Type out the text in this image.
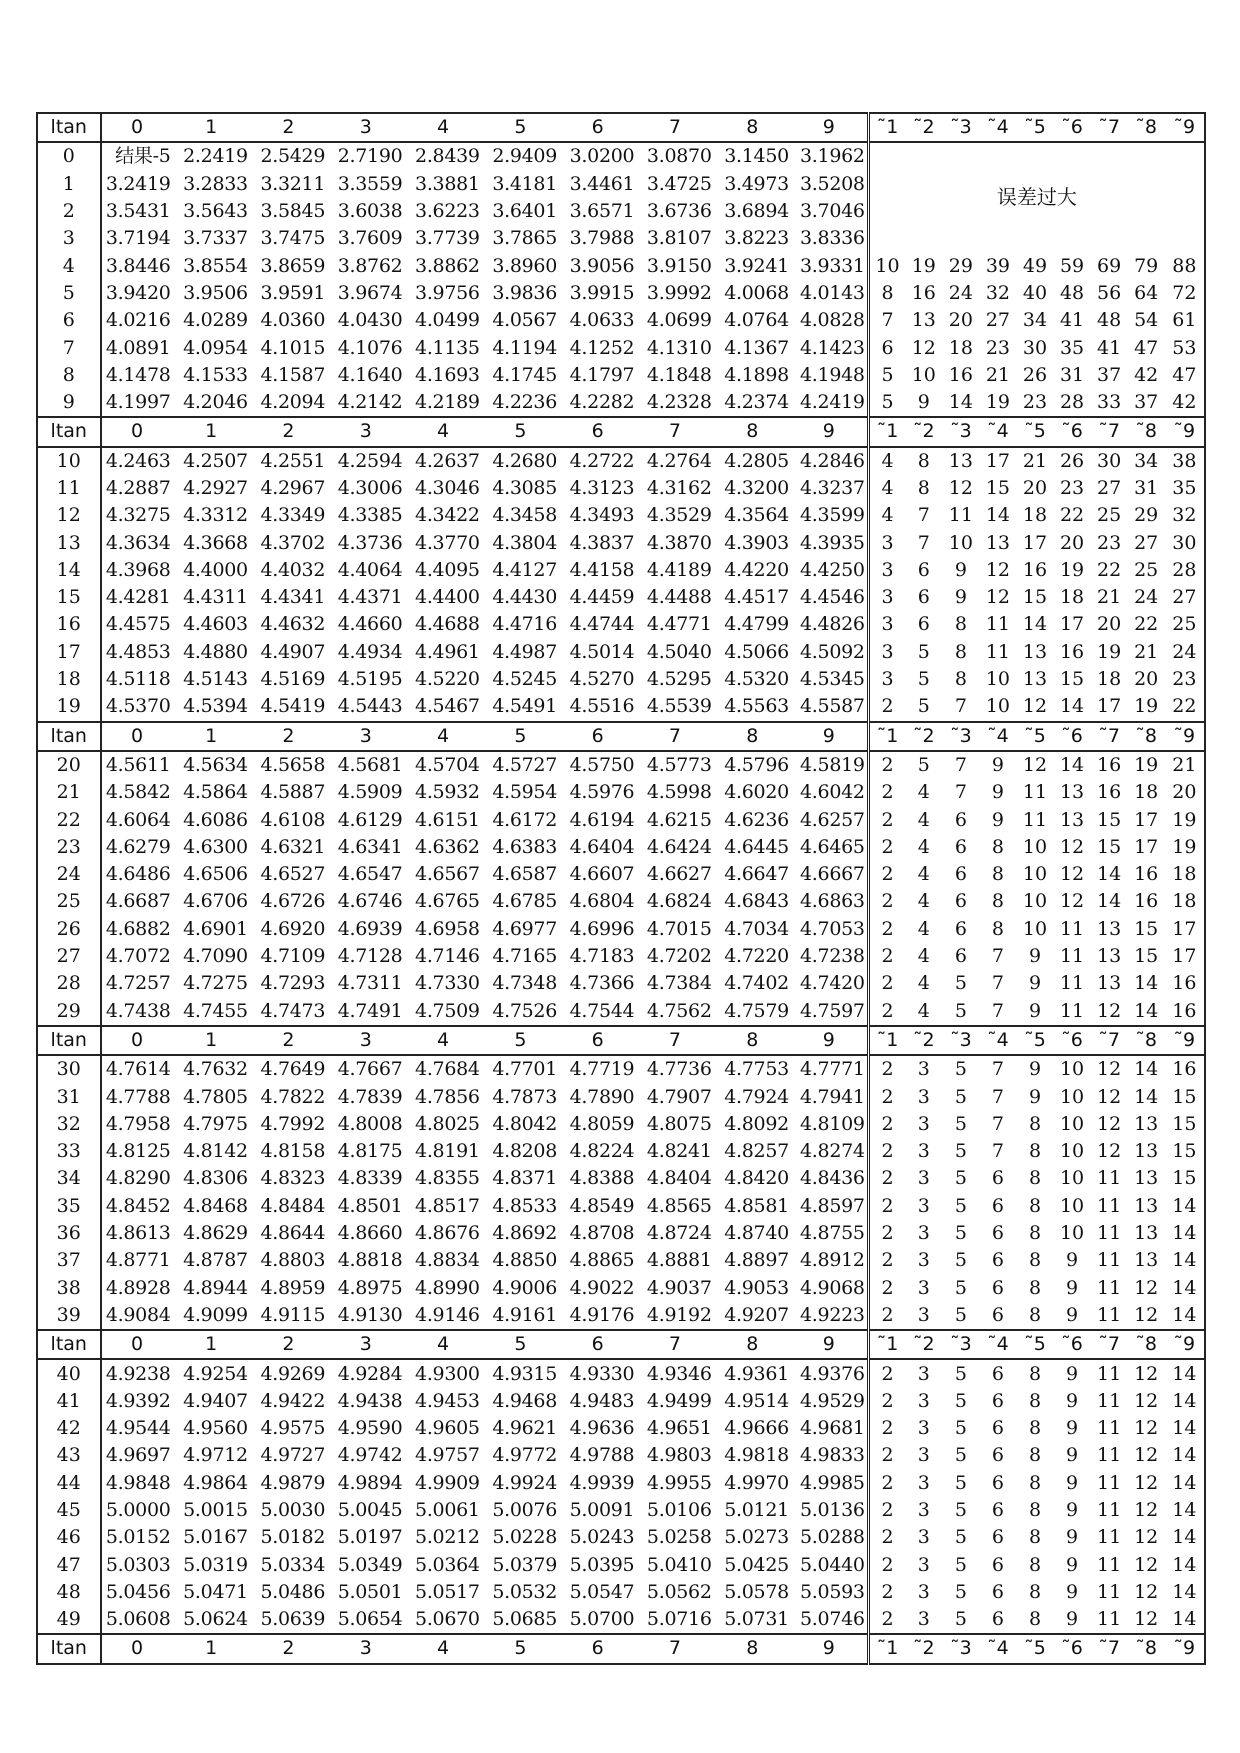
ltan	0	1	2	3	4	5	6	7	8	9	˜1	˜2	˜3	˜4	˜5	˜6	˜7	˜8	˜9
0	结果-5	2.2419	2.5429	2.7190	2.8439	2.9409	3.0200	3.0870	3.1450	3.1962	误差过大								
1	3.2419	3.2833	3.3211	3.3559	3.3881	3.4181	3.4461	3.4725	3.4973	3.5208									
2	3.5431	3.5643	3.5845	3.6038	3.6223	3.6401	3.6571	3.6736	3.6894	3.7046									
3	3.7194	3.7337	3.7475	3.7609	3.7739	3.7865	3.7988	3.8107	3.8223	3.8336									
4	3.8446	3.8554	3.8659	3.8762	3.8862	3.8960	3.9056	3.9150	3.9241	3.9331	10	19	29	39	49	59	69	79	88
5	3.9420	3.9506	3.9591	3.9674	3.9756	3.9836	3.9915	3.9992	4.0068	4.0143	8	16	24	32	40	48	56	64	72
6	4.0216	4.0289	4.0360	4.0430	4.0499	4.0567	4.0633	4.0699	4.0764	4.0828	7	13	20	27	34	41	48	54	61
7	4.0891	4.0954	4.1015	4.1076	4.1135	4.1194	4.1252	4.1310	4.1367	4.1423	6	12	18	23	30	35	41	47	53
8	4.1478	4.1533	4.1587	4.1640	4.1693	4.1745	4.1797	4.1848	4.1898	4.1948	5	10	16	21	26	31	37	42	47
9	4.1997	4.2046	4.2094	4.2142	4.2189	4.2236	4.2282	4.2328	4.2374	4.2419	5	9	14	19	23	28	33	37	42
ltan	0	1	2	3	4	5	6	7	8	9	˜1	˜2	˜3	˜4	˜5	˜6	˜7	˜8	˜9
10	4.2463	4.2507	4.2551	4.2594	4.2637	4.2680	4.2722	4.2764	4.2805	4.2846	4	8	13	17	21	26	30	34	38
11	4.2887	4.2927	4.2967	4.3006	4.3046	4.3085	4.3123	4.3162	4.3200	4.3237	4	8	12	15	20	23	27	31	35
12	4.3275	4.3312	4.3349	4.3385	4.3422	4.3458	4.3493	4.3529	4.3564	4.3599	4	7	11	14	18	22	25	29	32
13	4.3634	4.3668	4.3702	4.3736	4.3770	4.3804	4.3837	4.3870	4.3903	4.3935	3	7	10	13	17	20	23	27	30
14	4.3968	4.4000	4.4032	4.4064	4.4095	4.4127	4.4158	4.4189	4.4220	4.4250	3	6	9	12	16	19	22	25	28
15	4.4281	4.4311	4.4341	4.4371	4.4400	4.4430	4.4459	4.4488	4.4517	4.4546	3	6	9	12	15	18	21	24	27
16	4.4575	4.4603	4.4632	4.4660	4.4688	4.4716	4.4744	4.4771	4.4799	4.4826	3	6	8	11	14	17	20	22	25
17	4.4853	4.4880	4.4907	4.4934	4.4961	4.4987	4.5014	4.5040	4.5066	4.5092	3	5	8	11	13	16	19	21	24
18	4.5118	4.5143	4.5169	4.5195	4.5220	4.5245	4.5270	4.5295	4.5320	4.5345	3	5	8	10	13	15	18	20	23
19	4.5370	4.5394	4.5419	4.5443	4.5467	4.5491	4.5516	4.5539	4.5563	4.5587	2	5	7	10	12	14	17	19	22
ltan	0	1	2	3	4	5	6	7	8	9	˜1	˜2	˜3	˜4	˜5	˜6	˜7	˜8	˜9
20	4.5611	4.5634	4.5658	4.5681	4.5704	4.5727	4.5750	4.5773	4.5796	4.5819	2	5	7	9	12	14	16	19	21
21	4.5842	4.5864	4.5887	4.5909	4.5932	4.5954	4.5976	4.5998	4.6020	4.6042	2	4	7	9	11	13	16	18	20
22	4.6064	4.6086	4.6108	4.6129	4.6151	4.6172	4.6194	4.6215	4.6236	4.6257	2	4	6	9	11	13	15	17	19
23	4.6279	4.6300	4.6321	4.6341	4.6362	4.6383	4.6404	4.6424	4.6445	4.6465	2	4	6	8	10	12	15	17	19
24	4.6486	4.6506	4.6527	4.6547	4.6567	4.6587	4.6607	4.6627	4.6647	4.6667	2	4	6	8	10	12	14	16	18
25	4.6687	4.6706	4.6726	4.6746	4.6765	4.6785	4.6804	4.6824	4.6843	4.6863	2	4	6	8	10	12	14	16	18
26	4.6882	4.6901	4.6920	4.6939	4.6958	4.6977	4.6996	4.7015	4.7034	4.7053	2	4	6	8	10	11	13	15	17
27	4.7072	4.7090	4.7109	4.7128	4.7146	4.7165	4.7183	4.7202	4.7220	4.7238	2	4	6	7	9	11	13	15	17
28	4.7257	4.7275	4.7293	4.7311	4.7330	4.7348	4.7366	4.7384	4.7402	4.7420	2	4	5	7	9	11	13	14	16
29	4.7438	4.7455	4.7473	4.7491	4.7509	4.7526	4.7544	4.7562	4.7579	4.7597	2	4	5	7	9	11	12	14	16
ltan	0	1	2	3	4	5	6	7	8	9	˜1	˜2	˜3	˜4	˜5	˜6	˜7	˜8	˜9
30	4.7614	4.7632	4.7649	4.7667	4.7684	4.7701	4.7719	4.7736	4.7753	4.7771	2	3	5	7	9	10	12	14	16
31	4.7788	4.7805	4.7822	4.7839	4.7856	4.7873	4.7890	4.7907	4.7924	4.7941	2	3	5	7	9	10	12	14	15
32	4.7958	4.7975	4.7992	4.8008	4.8025	4.8042	4.8059	4.8075	4.8092	4.8109	2	3	5	7	8	10	12	13	15
33	4.8125	4.8142	4.8158	4.8175	4.8191	4.8208	4.8224	4.8241	4.8257	4.8274	2	3	5	7	8	10	12	13	15
34	4.8290	4.8306	4.8323	4.8339	4.8355	4.8371	4.8388	4.8404	4.8420	4.8436	2	3	5	6	8	10	11	13	15
35	4.8452	4.8468	4.8484	4.8501	4.8517	4.8533	4.8549	4.8565	4.8581	4.8597	2	3	5	6	8	10	11	13	14
36	4.8613	4.8629	4.8644	4.8660	4.8676	4.8692	4.8708	4.8724	4.8740	4.8755	2	3	5	6	8	10	11	13	14
37	4.8771	4.8787	4.8803	4.8818	4.8834	4.8850	4.8865	4.8881	4.8897	4.8912	2	3	5	6	8	9	11	13	14
38	4.8928	4.8944	4.8959	4.8975	4.8990	4.9006	4.9022	4.9037	4.9053	4.9068	2	3	5	6	8	9	11	12	14
39	4.9084	4.9099	4.9115	4.9130	4.9146	4.9161	4.9176	4.9192	4.9207	4.9223	2	3	5	6	8	9	11	12	14
ltan	0	1	2	3	4	5	6	7	8	9	˜1	˜2	˜3	˜4	˜5	˜6	˜7	˜8	˜9
40	4.9238	4.9254	4.9269	4.9284	4.9300	4.9315	4.9330	4.9346	4.9361	4.9376	2	3	5	6	8	9	11	12	14
41	4.9392	4.9407	4.9422	4.9438	4.9453	4.9468	4.9483	4.9499	4.9514	4.9529	2	3	5	6	8	9	11	12	14
42	4.9544	4.9560	4.9575	4.9590	4.9605	4.9621	4.9636	4.9651	4.9666	4.9681	2	3	5	6	8	9	11	12	14
43	4.9697	4.9712	4.9727	4.9742	4.9757	4.9772	4.9788	4.9803	4.9818	4.9833	2	3	5	6	8	9	11	12	14
44	4.9848	4.9864	4.9879	4.9894	4.9909	4.9924	4.9939	4.9955	4.9970	4.9985	2	3	5	6	8	9	11	12	14
45	5.0000	5.0015	5.0030	5.0045	5.0061	5.0076	5.0091	5.0106	5.0121	5.0136	2	3	5	6	8	9	11	12	14
46	5.0152	5.0167	5.0182	5.0197	5.0212	5.0228	5.0243	5.0258	5.0273	5.0288	2	3	5	6	8	9	11	12	14
47	5.0303	5.0319	5.0334	5.0349	5.0364	5.0379	5.0395	5.0410	5.0425	5.0440	2	3	5	6	8	9	11	12	14
48	5.0456	5.0471	5.0486	5.0501	5.0517	5.0532	5.0547	5.0562	5.0578	5.0593	2	3	5	6	8	9	11	12	14
49	5.0608	5.0624	5.0639	5.0654	5.0670	5.0685	5.0700	5.0716	5.0731	5.0746	2	3	5	6	8	9	11	12	14
ltan	0	1	2	3	4	5	6	7	8	9	˜1	˜2	˜3	˜4	˜5	˜6	˜7	˜8	˜9
